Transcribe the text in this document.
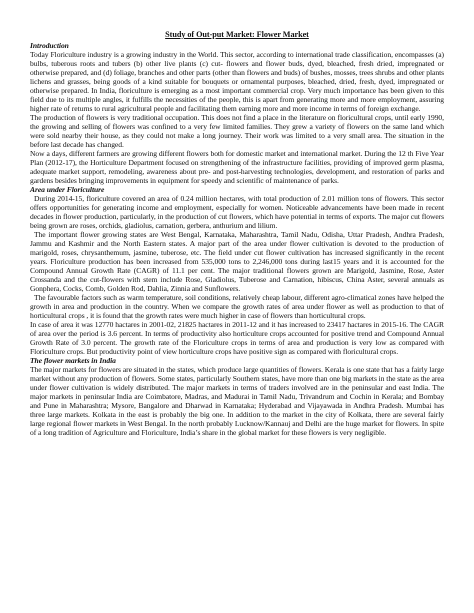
Study of Out-put Market: Flower Market
Introduction

Today Floriculture industry is a growing industry in the World. This sector, according to international trade classification, encompasses (a) bulbs, tuberous roots and tubers (b) other live plants (c) cut- flowers and flower buds, dyed, bleached, fresh dried, impregnated or otherwise prepared, and (d) foliage, branches and other parts (other than flowers and buds) of bushes, mosses, trees shrubs and other plants lichens and grasses, being goods of a kind suitable for bouquets or ornamental purposes, bleached, dried, fresh, dyed, impregnated or otherwise prepared. In India, floriculture is emerging as a most important commercial crop. Very much importance has been given to this field due to its multiple angles, it fulfills the necessities of the people, this is apart from generating more and more employment, assuring higher rate of returns to rural agricultural people and facilitating them earning more and more income in terms of foreign exchange.

The production of flowers is very traditional occupation. This does not find a place in the literature on floricultural crops, until early 1990, the growing and selling of flowers was confined to a very few limited families. They grew a variety of flowers on the same land which were sold nearby their house, as they could not make a long journey. Their work was limited to a very small area. The situation in the before last decade has changed.

Now a days, different farmers are growing different flowers both for domestic market and international market. During the 12 th Five Year Plan (2012-17), the Horticulture Department focused on strengthening of the infrastructure facilities, providing of improved germ plasma, adequate market support, remodeling, awareness about pre- and post-harvesting technologies, development, and restoration of parks and gardens besides bringing improvements in equipment for speedy and scientific of maintenance of parks.

Area under Floriculture

During 2014-15, floriculture covered an area of 0.24 million hectares, with total production of 2.01 million tons of flowers. This sector offers opportunities for generating income and employment, especially for women. Noticeable advancements have been made in recent decades in flower production, particularly, in the production of cut flowers, which have potential in terms of exports. The major cut flowers being grown are roses, orchids, gladiolus, carnation, gerbera, anthurium and lilium.

The important flower growing states are West Bengal, Karnataka, Maharashtra, Tamil Nadu, Odisha, Uttar Pradesh, Andhra Pradesh, Jammu and Kashmir and the North Eastern states. A major part of the area under flower cultivation is devoted to the production of marigold, roses, chrysanthemum, jasmine, tuberose, etc. The field under cut flower cultivation has increased significantly in the recent years. Floriculture production has been increased from 535,000 tons to 2,246,000 tons during last15 years and it is accounted for the Compound Annual Growth Rate (CAGR) of 11.1 per cent. The major traditional flowers grown are Marigold, Jasmine, Rose, Aster Crossanda and the cut-flowers with stem include Rose, Gladiolus, Tuberose and Carnation, hibiscus, China Aster, several annuals as Gonphera, Cocks, Comb, Golden Rod, Dahlia, Zinnia and Sunflowers.

The favourable factors such as warm temperature, soil conditions, relatively cheap labour, different agro-climatical zones have helped the growth in area and production in the country. When we compare the growth rates of area under flower as well as production to that of horticultural crops , it is found that the growth rates were much higher in case of flowers than horticultural crops.

In case of area it was 12770 hactares in 2001-02, 21825 hactares in 2011-12 and it has increased to 23417 hactares in 2015-16. The CAGR of area over the period is 3.6 percent. In terms of productivity also horticulture crops accounted for positive trend and Compound Annual Growth Rate of 3.0 percent. The growth rate of the Floriculture crops in terms of area and production is very low as compared with Floriculture crops. But productivity point of view horticulture crops have positive sign as compared with floricultural crops.

The flower markets in India

The major markets for flowers are situated in the states, which produce large quantities of flowers. Kerala is one state that has a fairly large market without any production of flowers. Some states, particularly Southern states, have more than one big markets in the state as the area under flower cultivation is widely distributed. The major markets in terms of traders involved are in the peninsular and east India. The major markets in peninsular India are Coimbatore, Madras, and Madurai in Tamil Nadu, Trivandrum and Cochin in Kerala; and Bombay and Pune in Maharashtra; Mysore, Bangalore and Dharwad in Karnataka; Hyderabad and Vijayawada in Andhra Pradesh. Mumbai has three large markets. Kolkata in the east is probably the big one. In addition to the market in the city of Kolkata, there are several fairly large regional flower markets in West Bengal. In the north probably Lucknow/Kannauj and Delhi are the huge market for flowers. In spite of a long tradition of Agriculture and Floriculture, India’s share in the global market for these flowers is very negligible.
